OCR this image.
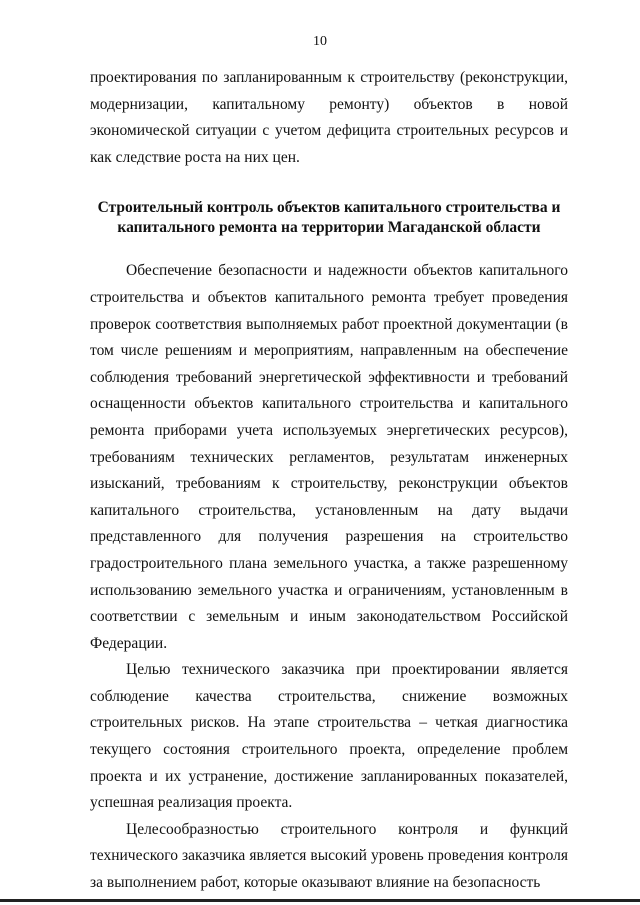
10

проектирования по запланированным к строительству (реконструкции, модернизации, капитальному ремонту) объектов в новой экономической ситуации с учетом дефицита строительных ресурсов и как следствие роста на них цен.

Строительный контроль объектов капитального строительства и капитального ремонта на территории Магаданской области

Обеспечение безопасности и надежности объектов капитального строительства и объектов капитального ремонта требует проведения проверок соответствия выполняемых работ проектной документации (в том числе решениям и мероприятиям, направленным на обеспечение соблюдения требований энергетической эффективности и требований оснащенности объектов капитального строительства и капитального ремонта приборами учета используемых энергетических ресурсов), требованиям технических регламентов, результатам инженерных изысканий, требованиям к строительству, реконструкции объектов капитального строительства, установленным на дату выдачи представленного для получения разрешения на строительство градостроительного плана земельного участка, а также разрешенному использованию земельного участка и ограничениям, установленным в соответствии с земельным и иным законодательством Российской Федерации.

Целью технического заказчика при проектировании является соблюдение качества строительства, снижение возможных строительных рисков. На этапе строительства – четкая диагностика текущего состояния строительного проекта, определение проблем проекта и их устранение, достижение запланированных показателей, успешная реализация проекта.

Целесообразностью строительного контроля и функций технического заказчика является высокий уровень проведения контроля за выполнением работ, которые оказывают влияние на безопасность
